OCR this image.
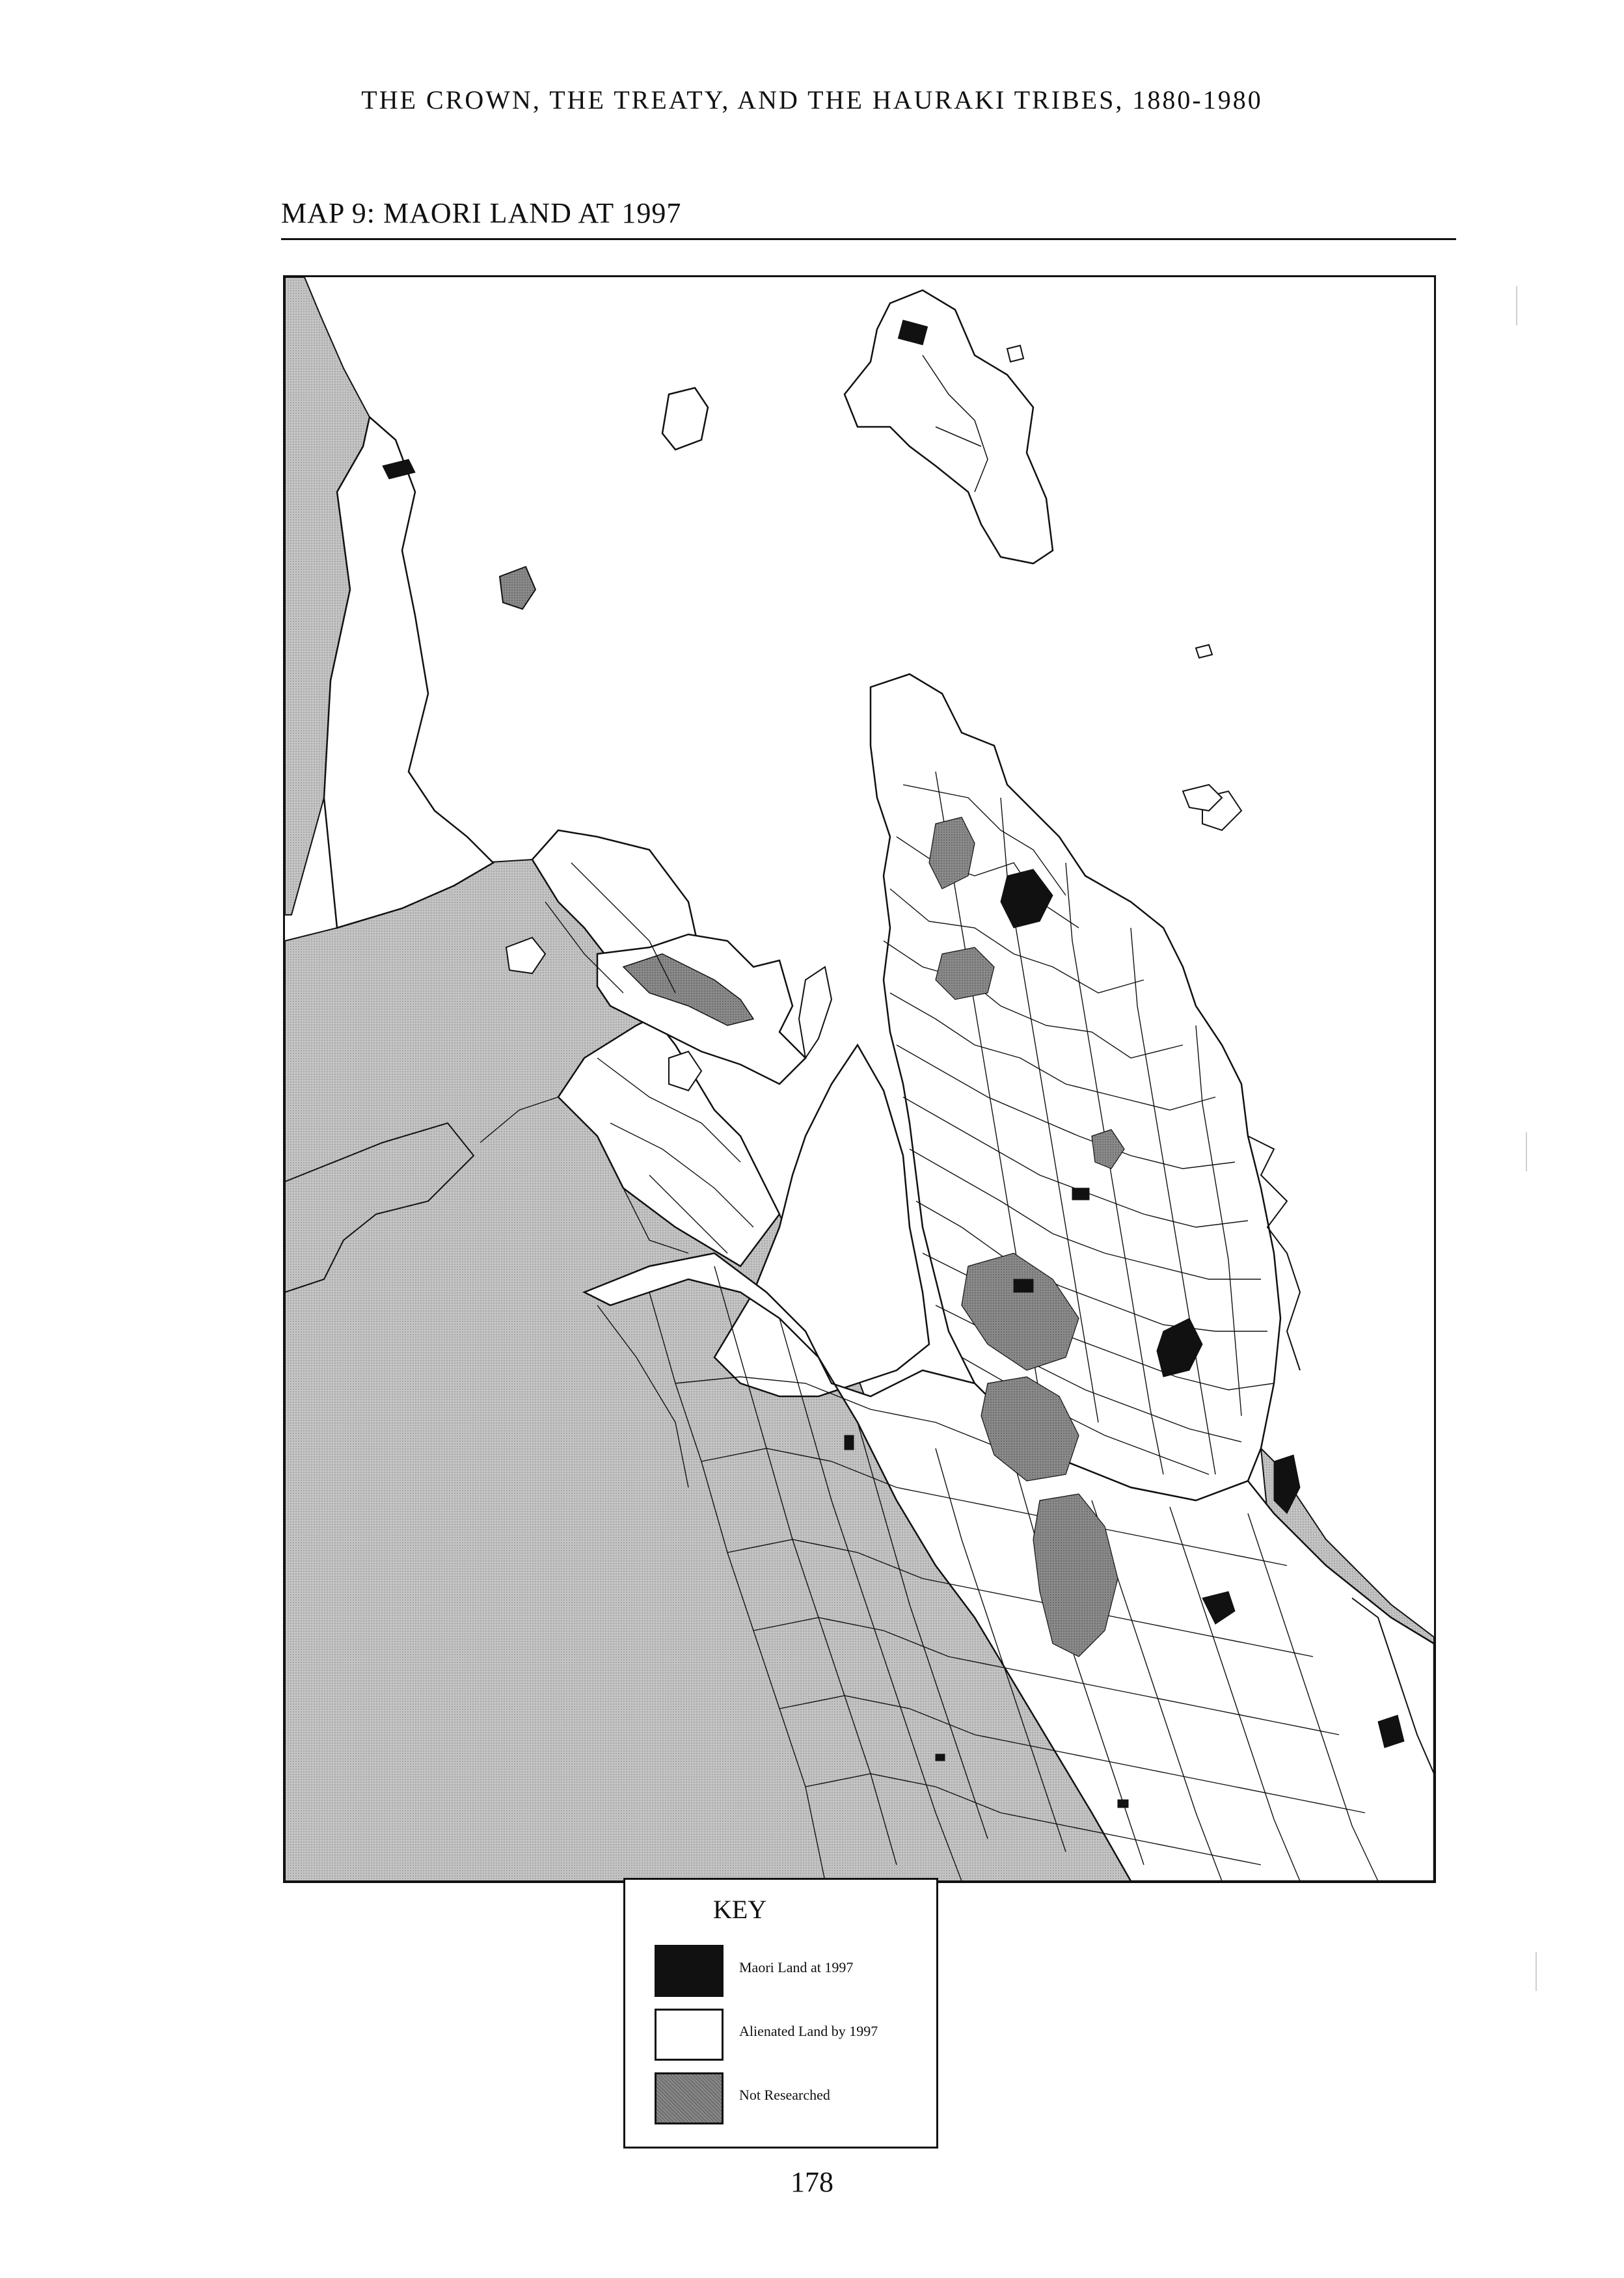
THE CROWN, THE TREATY, AND THE HAURAKI TRIBES, 1880-1980
MAP 9: MAORI LAND AT 1997
KEY
Maori Land at 1997
Alienated Land by 1997
Not Researched
178
